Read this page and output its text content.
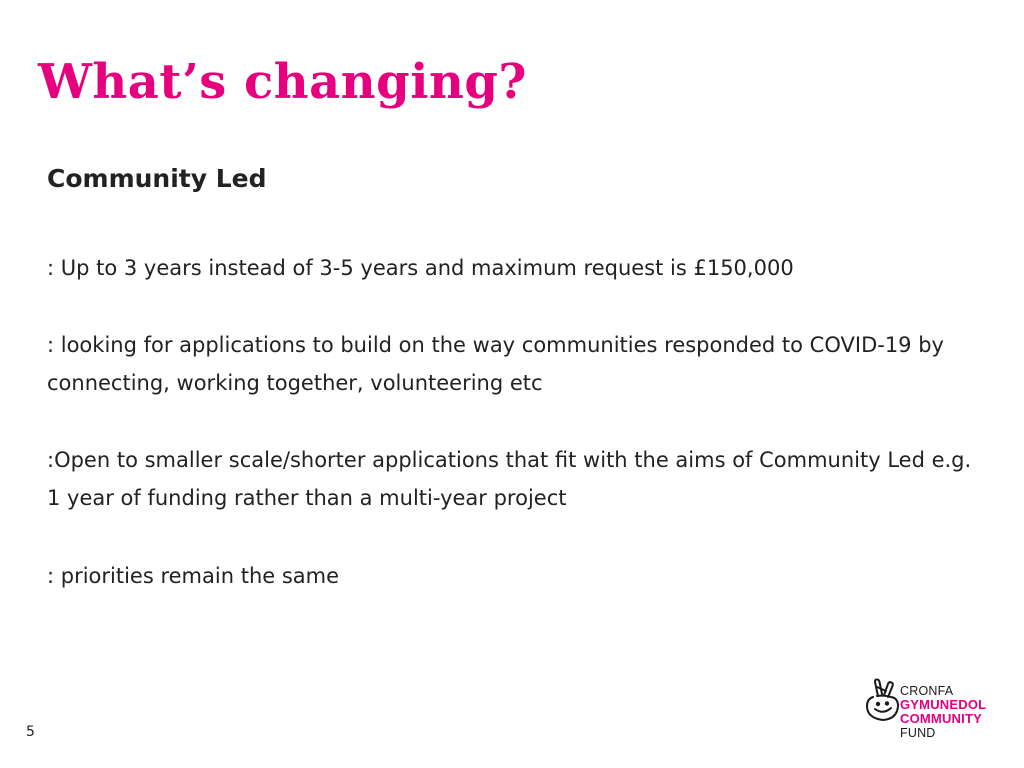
What’s changing?
Community Led
: Up to 3 years instead of 3-5 years and maximum request is £150,000
: looking for applications to build on the way communities responded to COVID-19 by connecting, working together, volunteering etc
:Open to smaller scale/shorter applications that fit with the aims of Community Led e.g. 1 year of funding rather than a multi-year project
: priorities remain the same
5
CRONFA
GYMUNEDOL
COMMUNITY
FUND
